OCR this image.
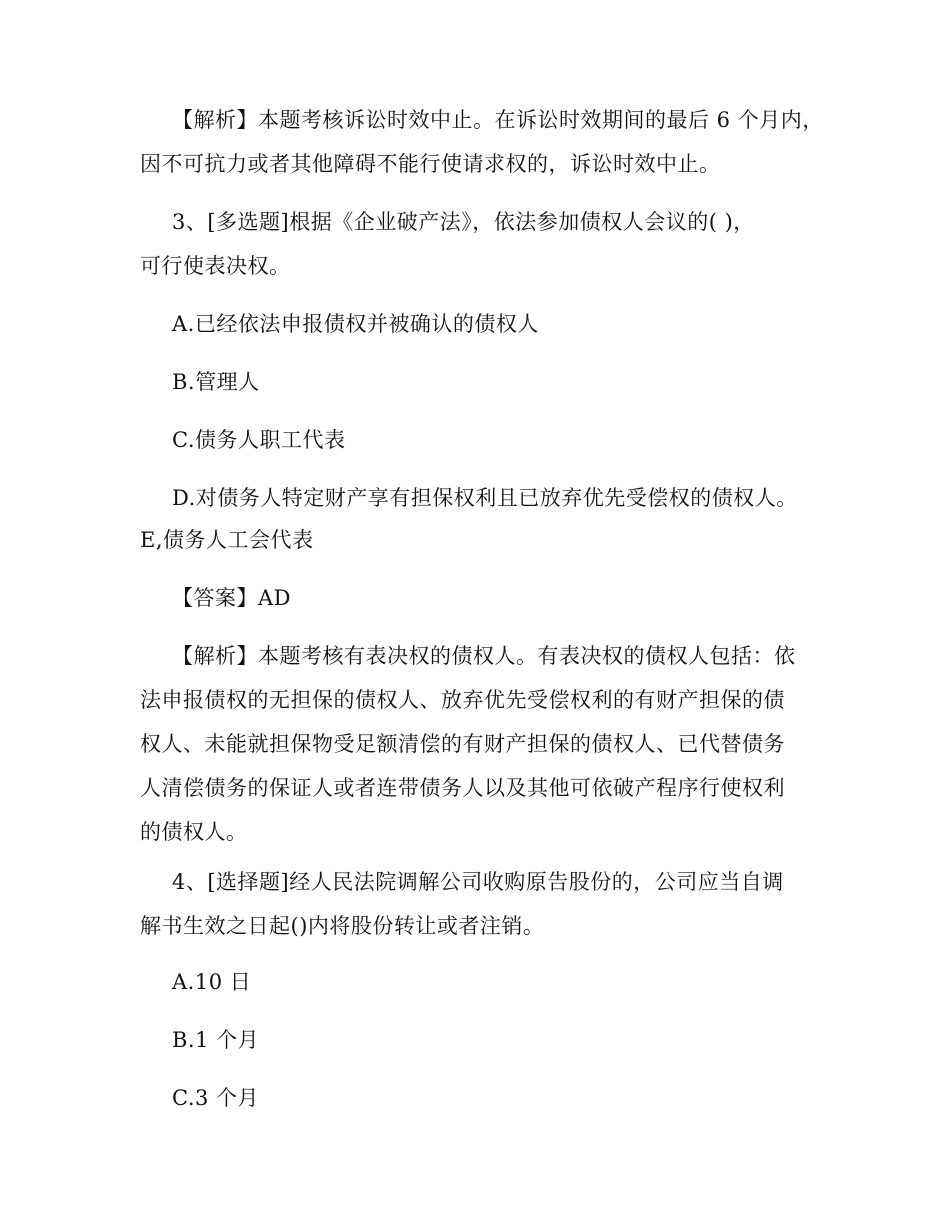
【解析】本题考核诉讼时效中止。在诉讼时效期间的最后 6 个月内，
因不可抗力或者其他障碍不能行使请求权的，诉讼时效中止。
3、[多选题]根据《企业破产法》，依法参加债权人会议的( )，
可行使表决权。
A.已经依法申报债权并被确认的债权人
B.管理人
C.债务人职工代表
D.对债务人特定财产享有担保权利且已放弃优先受偿权的债权人。
E,债务人工会代表
【答案】AD
【解析】本题考核有表决权的债权人。有表决权的债权人包括：依
法申报债权的无担保的债权人、放弃优先受偿权利的有财产担保的债
权人、未能就担保物受足额清偿的有财产担保的债权人、已代替债务
人清偿债务的保证人或者连带债务人以及其他可依破产程序行使权利
的债权人。
4、[选择题]经人民法院调解公司收购原告股份的，公司应当自调
解书生效之日起()内将股份转让或者注销。
A.10 日
B.1 个月
C.3 个月
